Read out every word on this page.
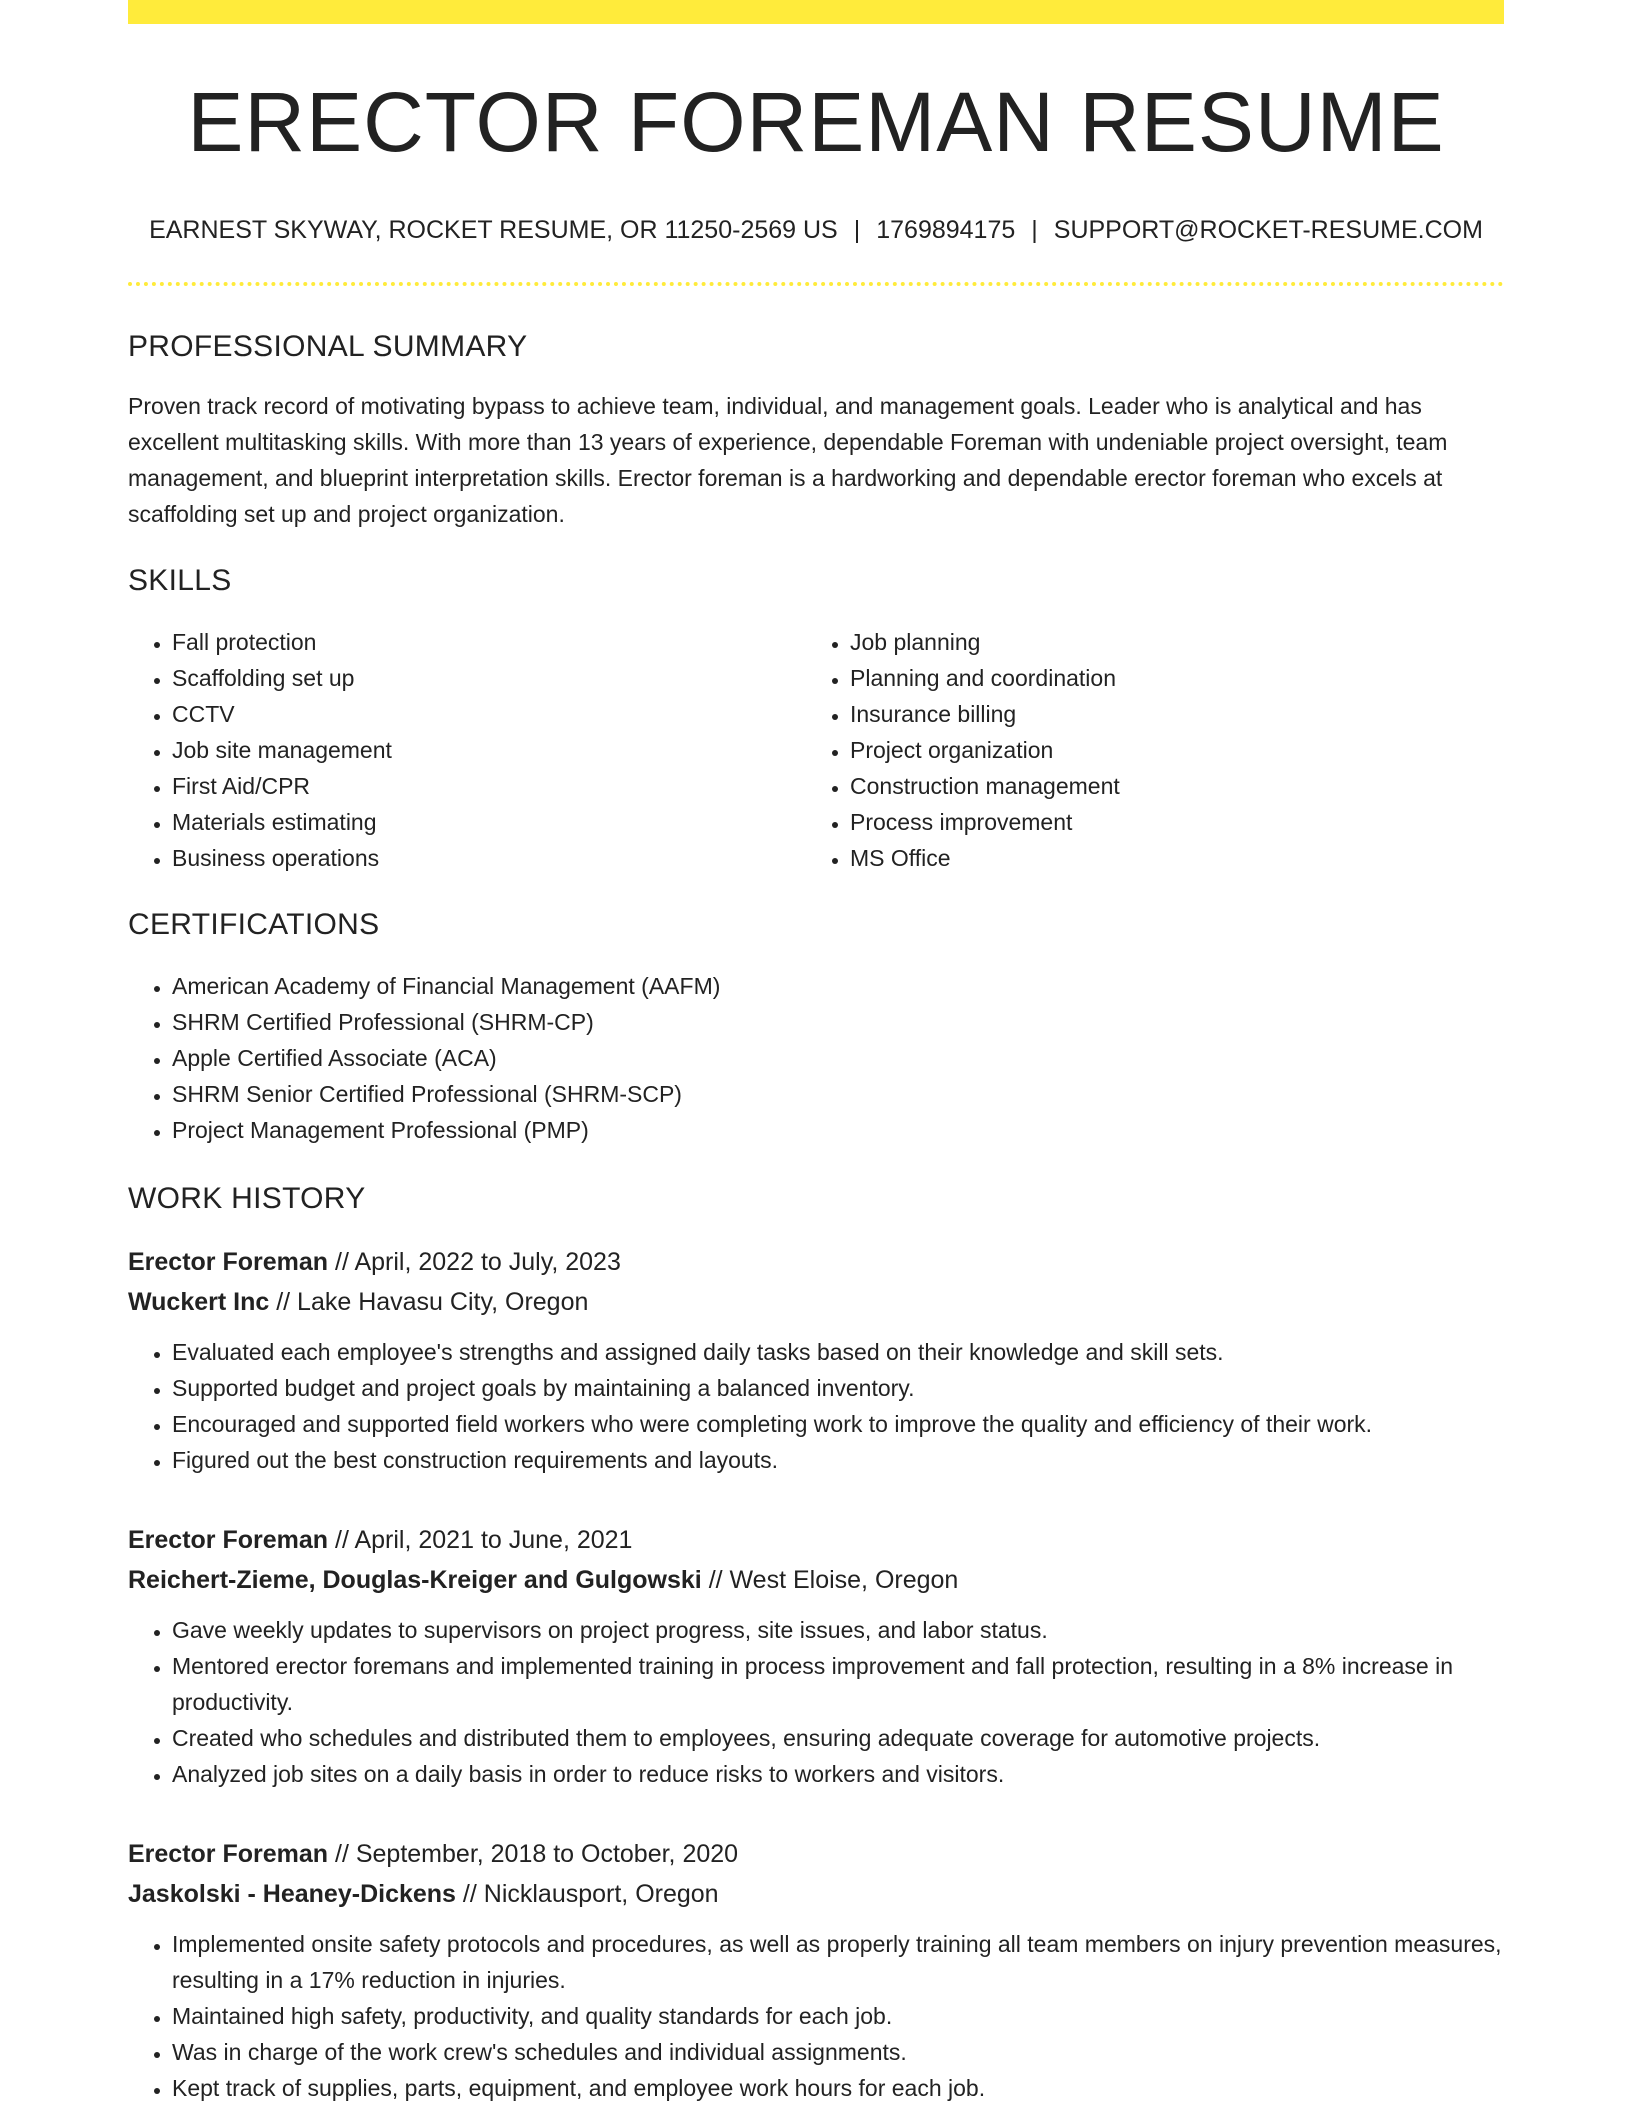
ERECTOR FOREMAN RESUME
EARNEST SKYWAY, ROCKET RESUME, OR 11250-2569 US | 1769894175 | SUPPORT@ROCKET-RESUME.COM
PROFESSIONAL SUMMARY

Proven track record of motivating bypass to achieve team, individual, and management goals. Leader who is analytical and has excellent multitasking skills. With more than 13 years of experience, dependable Foreman with undeniable project oversight, team management, and blueprint interpretation skills. Erector foreman is a hardworking and dependable erector foreman who excels at scaffolding set up and project organization.

SKILLS
• Fall protection
• Scaffolding set up
• CCTV
• Job site management
• First Aid/CPR
• Materials estimating
• Business operations
• Job planning
• Planning and coordination
• Insurance billing
• Project organization
• Construction management
• Process improvement
• MS Office
CERTIFICATIONS
• American Academy of Financial Management (AAFM)
• SHRM Certified Professional (SHRM-CP)
• Apple Certified Associate (ACA)
• SHRM Senior Certified Professional (SHRM-SCP)
• Project Management Professional (PMP)
WORK HISTORY
Erector Foreman // April, 2022 to July, 2023
Wuckert Inc // Lake Havasu City, Oregon
• Evaluated each employee's strengths and assigned daily tasks based on their knowledge and skill sets.
• Supported budget and project goals by maintaining a balanced inventory.
• Encouraged and supported field workers who were completing work to improve the quality and efficiency of their work.
• Figured out the best construction requirements and layouts.
Erector Foreman // April, 2021 to June, 2021
Reichert-Zieme, Douglas-Kreiger and Gulgowski // West Eloise, Oregon
• Gave weekly updates to supervisors on project progress, site issues, and labor status.
• Mentored erector foremans and implemented training in process improvement and fall protection, resulting in a 8% increase in productivity.
• Created who schedules and distributed them to employees, ensuring adequate coverage for automotive projects.
• Analyzed job sites on a daily basis in order to reduce risks to workers and visitors.
Erector Foreman // September, 2018 to October, 2020
Jaskolski - Heaney-Dickens // Nicklausport, Oregon
• Implemented onsite safety protocols and procedures, as well as properly training all team members on injury prevention measures, resulting in a 17% reduction in injuries.
• Maintained high safety, productivity, and quality standards for each job.
• Was in charge of the work crew's schedules and individual assignments.
• Kept track of supplies, parts, equipment, and employee work hours for each job.
